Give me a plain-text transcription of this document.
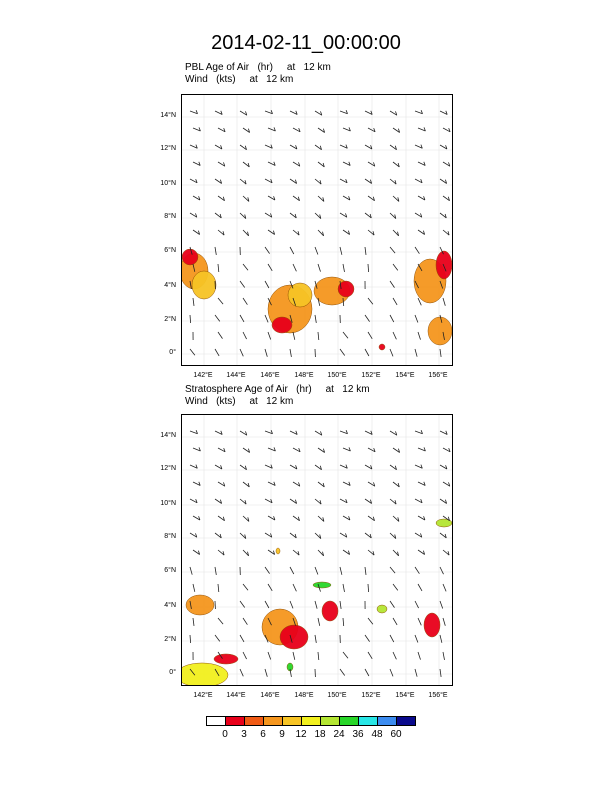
2014-02-11_00:00:00
PBL Age of Air   (hr)     at   12 km
Wind   (kts)     at   12 km
Stratosphere Age of Air   (hr)     at   12 km
Wind   (kts)     at   12 km
14°N
12°N
10°N
8°N
6°N
4°N
2°N
0°
142°E	144°E	146°E	148°E	150°E	152°E	154°E	156°E
14°N
12°N
10°N
8°N
6°N
4°N
2°N
0°
142°E	144°E	146°E	148°E	150°E	152°E	154°E	156°E
0	3	6	9	12 18 24 36 48 60
